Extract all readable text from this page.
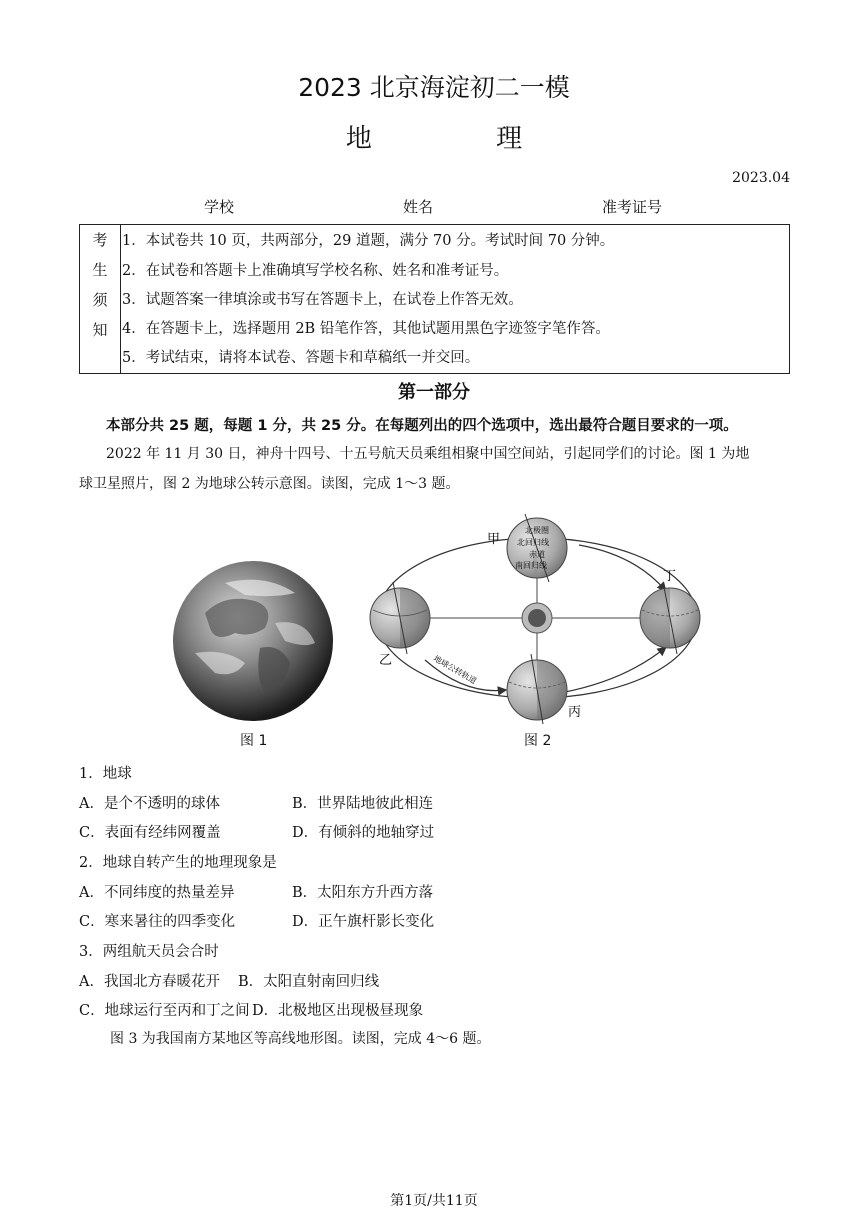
2023 北京海淀初二一模
地 理
2023.04
学校	姓名	准考证号
考
生
须
知
1．本试卷共 10 页，共两部分，29 道题，满分 70 分。考试时间 70 分钟。
2．在试卷和答题卡上准确填写学校名称、姓名和准考证号。
3．试题答案一律填涂或书写在答题卡上，在试卷上作答无效。
4．在答题卡上，选择题用 2B 铅笔作答，其他试题用黑色字迹签字笔作答。
5．考试结束，请将本试卷、答题卡和草稿纸一并交回。
第一部分
本部分共 25 题，每题 1 分，共 25 分。在每题列出的四个选项中，选出最符合题目要求的一项。
2022 年 11 月 30 日，神舟十四号、十五号航天员乘组相聚中国空间站，引起同学们的讨论。图 1 为地
球卫星照片，图 2 为地球公转示意图。读图，完成 1～3 题。
图 1
北极圈
北回归线
赤道
南回归线
甲
乙
丙
丁
地球公转轨道
图 2
1．地球
A．是个不透明的球体	B．世界陆地彼此相连
C．表面有经纬网覆盖	D．有倾斜的地轴穿过
2．地球自转产生的地理现象是
A．不同纬度的热量差异	B．太阳东方升西方落
C．寒来暑往的四季变化	D．正午旗杆影长变化
3．两组航天员会合时
A．我国北方春暖花开 B．太阳直射南回归线
C．地球运行至丙和丁之间 D．北极地区出现极昼现象
图 3 为我国南方某地区等高线地形图。读图，完成 4～6 题。
第1页/共11页
